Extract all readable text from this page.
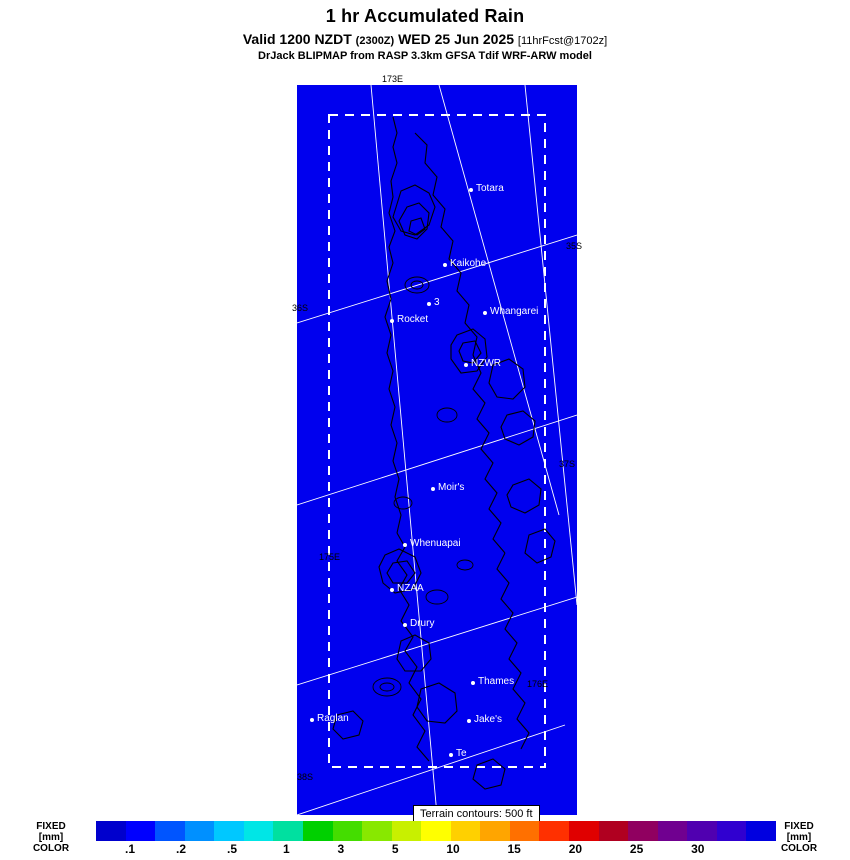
1 hr Accumulated Rain
Valid 1200 NZDT (2300Z) WED 25 Jun 2025 [11hrFcst@1702z]
DrJack BLIPMAP from RASP 3.3km GFSA Tdif WRF-ARW model
Totara
Kaikohe
3
Rocket
Whangarei
NZWR
Moir's
Whenuapai
NZAA
Drury
Thames
Raglan	Jake's
Te
173E
35S
36S
37S
175E
176E
38S
Terrain contours: 500 ft
FIXED
[mm]
COLOR
FIXED
[mm]
COLOR
.1	.2	.5	1	3	5	10	15	20	25	30
